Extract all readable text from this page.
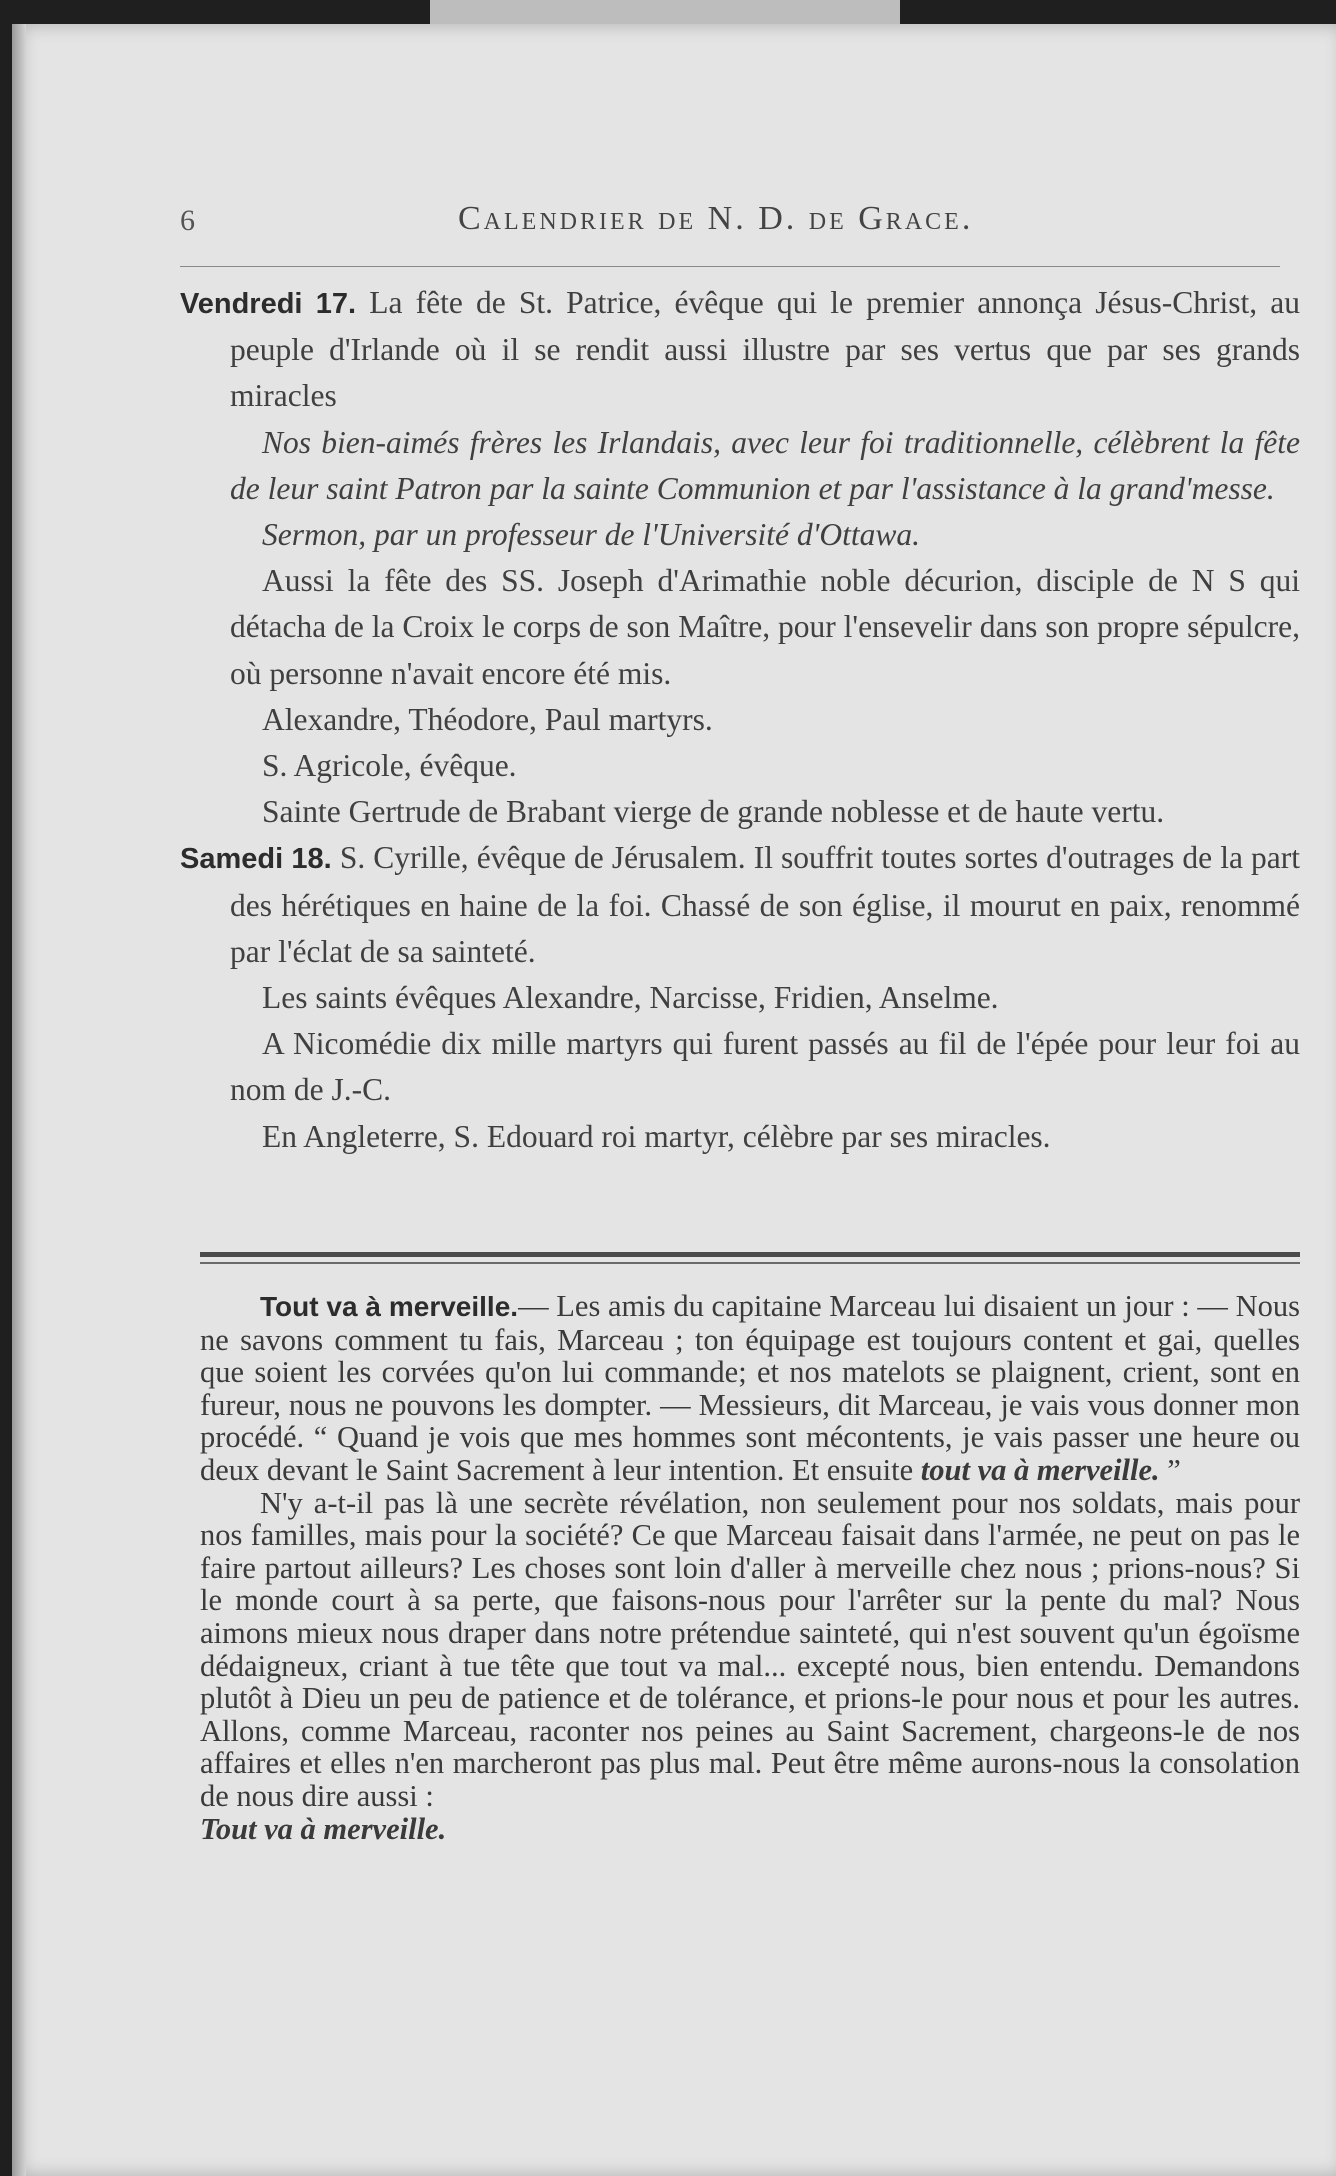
6	Calendrier de N. D. de Grace.

Vendredi 17. La fête de St. Patrice, évêque qui le premier annonça Jésus-Christ, au peuple d'Irlande où il se rendit aussi illustre par ses vertus que par ses grands miracles

Nos bien-aimés frères les Irlandais, avec leur foi traditionnelle, célèbrent la fête de leur saint Patron par la sainte Communion et par l'assistance à la grand'messe.

Sermon, par un professeur de l'Université d'Ottawa.

Aussi la fête des SS. Joseph d'Arimathie noble décurion, disciple de N S qui détacha de la Croix le corps de son Maître, pour l'ensevelir dans son propre sépulcre, où personne n'avait encore été mis.

Alexandre, Théodore, Paul martyrs.

S. Agricole, évêque.

Sainte Gertrude de Brabant vierge de grande noblesse et de haute vertu.

Samedi 18. S. Cyrille, évêque de Jérusalem. Il souffrit toutes sortes d'outrages de la part des hérétiques en haine de la foi. Chassé de son église, il mourut en paix, renommé par l'éclat de sa sainteté.

Les saints évêques Alexandre, Narcisse, Fridien, Anselme.

A Nicomédie dix mille martyrs qui furent passés au fil de l'épée pour leur foi au nom de J.-C.

En Angleterre, S. Edouard roi martyr, célèbre par ses miracles.

Tout va à merveille.— Les amis du capitaine Marceau lui disaient un jour : — Nous ne savons comment tu fais, Marceau ; ton équipage est toujours content et gai, quelles que soient les corvées qu'on lui commande; et nos matelots se plaignent, crient, sont en fureur, nous ne pouvons les dompter. — Messieurs, dit Marceau, je vais vous donner mon procédé. “ Quand je vois que mes hommes sont mécontents, je vais passer une heure ou deux devant le Saint Sacrement à leur intention. Et ensuite tout va à merveille. ”

N'y a-t-il pas là une secrète révélation, non seulement pour nos soldats, mais pour nos familles, mais pour la société? Ce que Marceau faisait dans l'armée, ne peut on pas le faire partout ailleurs? Les choses sont loin d'aller à merveille chez nous ; prions-nous? Si le monde court à sa perte, que faisons-nous pour l'arrêter sur la pente du mal? Nous aimons mieux nous draper dans notre prétendue sainteté, qui n'est souvent qu'un égoïsme dédaigneux, criant à tue tête que tout va mal... excepté nous, bien entendu. Demandons plutôt à Dieu un peu de patience et de tolérance, et prions-le pour nous et pour les autres. Allons, comme Marceau, raconter nos peines au Saint Sacrement, chargeons-le de nos affaires et elles n'en marcheront pas plus mal. Peut être même aurons-nous la consolation de nous dire aussi :

Tout va à merveille.
